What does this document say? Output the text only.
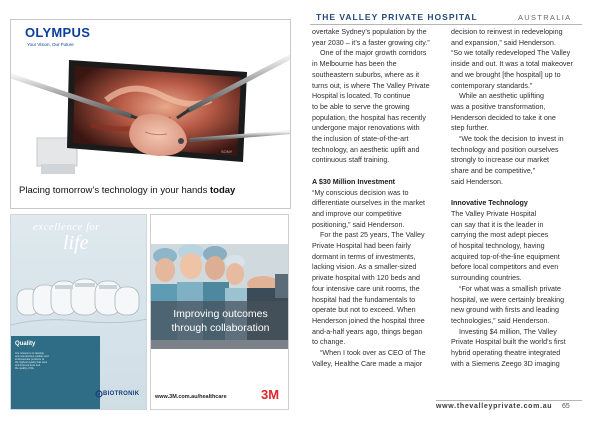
OLYMPUS
Your Vision, Our Future
SONY
Placing tomorrow’s technology in your hands today
excellence for
life
Quality
Our mission is to develop
and manufacture cardiac and
endovascular products of
the highest quality that save
and improve lives and
the quality of life.
BIOTRONIK
Improving outcomes
through collaboration
www.3M.com.au/healthcare	3M
THE VALLEY PRIVATE HOSPITAL	AUSTRALIA

overtake Sydney’s population by the

year 2030 – it’s a faster growing city.”

One of the major growth corridors

in Melbourne has been the

southeastern suburbs, where as it

turns out, is where The Valley Private

Hospital is located. To continue

to be able to serve the growing

population, the hospital has recently

undergone major renovations with

the inclusion of state-of-the-art

technology, an aesthetic uplift and

continuous staff training.

A $30 Million Investment

“My conscious decision was to

differentiate ourselves in the market

and improve our competitive

positioning,” said Henderson.

For the past 25 years, The Valley

Private Hospital had been fairly

dormant in terms of investments,

lacking vision. As a smaller-sized

private hospital with 120 beds and

four intensive care unit rooms, the

hospital had the fundamentals to

operate but not to exceed. When

Henderson joined the hospital three

and-a-half years ago, things began

to change.

“When I took over as CEO of The

Valley, Healthe Care made a major

decision to reinvest in redeveloping

and expansion,” said Henderson.

“So we totally redeveloped The Valley

inside and out. It was a total makeover

and we brought [the hospital] up to

contemporary standards.”

While an aesthetic uplifting

was a positive transformation,

Henderson decided to take it one

step further.

“We took the decision to invest in

technology and position ourselves

strongly to increase our market

share and be competitive,”

said Henderson.

Innovative Technology

The Valley Private Hospital

can say that it is the leader in

carrying the most adept pieces

of hospital technology, having

acquired top-of-the-line equipment

before local competitors and even

surrounding countries.

“For what was a smallish private

hospital, we were certainly breaking

new ground with firsts and leading

technologies,” said Henderson.

Investing $4 million, The Valley

Private Hospital built the world’s first

hybrid operating theatre integrated

with a Siemens Zeego 3D imaging

www.thevalleyprivate.com.au 65
